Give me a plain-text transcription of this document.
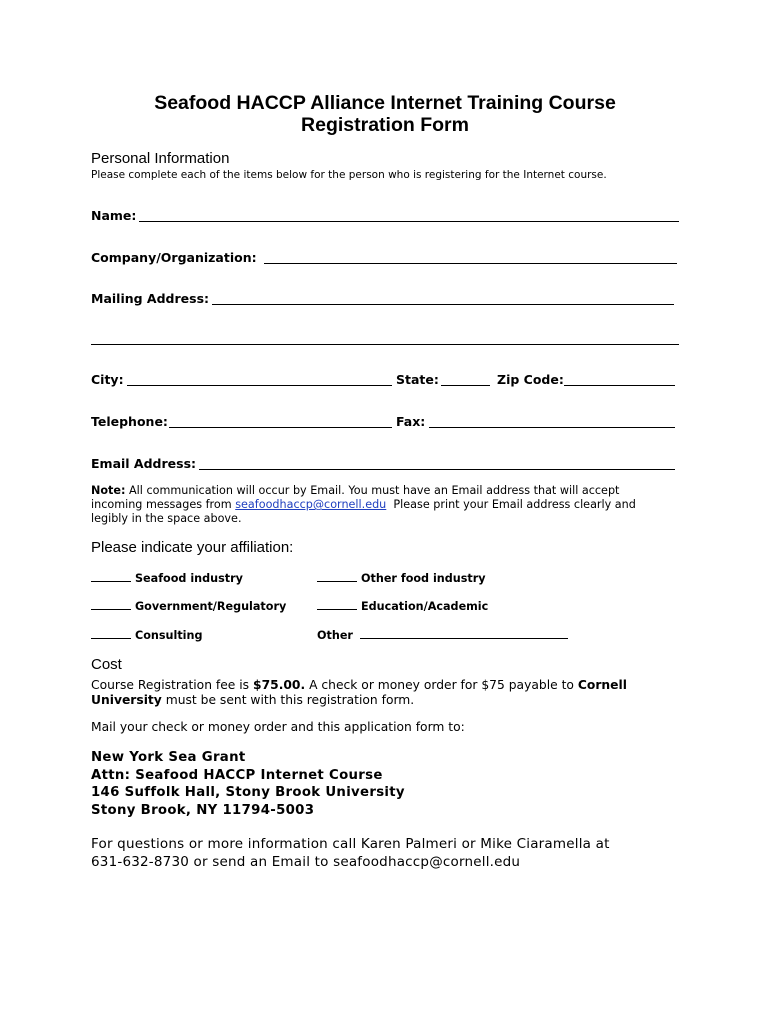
Seafood HACCP Alliance Internet Training Course
Registration Form
Personal Information
Please complete each of the items below for the person who is registering for the Internet course.
Name:
Company/Organization:
Mailing Address:
City:	State:	Zip Code:
Telephone:	Fax:
Email Address:
Note: All communication will occur by Email. You must have an Email address that will accept incoming messages from seafoodhaccp@cornell.edu Please print your Email address clearly and legibly in the space above.
Please indicate your affiliation:
Seafood industry	Other food industry
Government/Regulatory	Education/Academic
Consulting	Other
Cost
Course Registration fee is $75.00. A check or money order for $75 payable to Cornell University must be sent with this registration form.
Mail your check or money order and this application form to:
New York Sea Grant
Attn: Seafood HACCP Internet Course
146 Suffolk Hall, Stony Brook University
Stony Brook, NY 11794-5003
For questions or more information call Karen Palmeri or Mike Ciaramella at
631-632-8730 or send an Email to seafoodhaccp@cornell.edu
